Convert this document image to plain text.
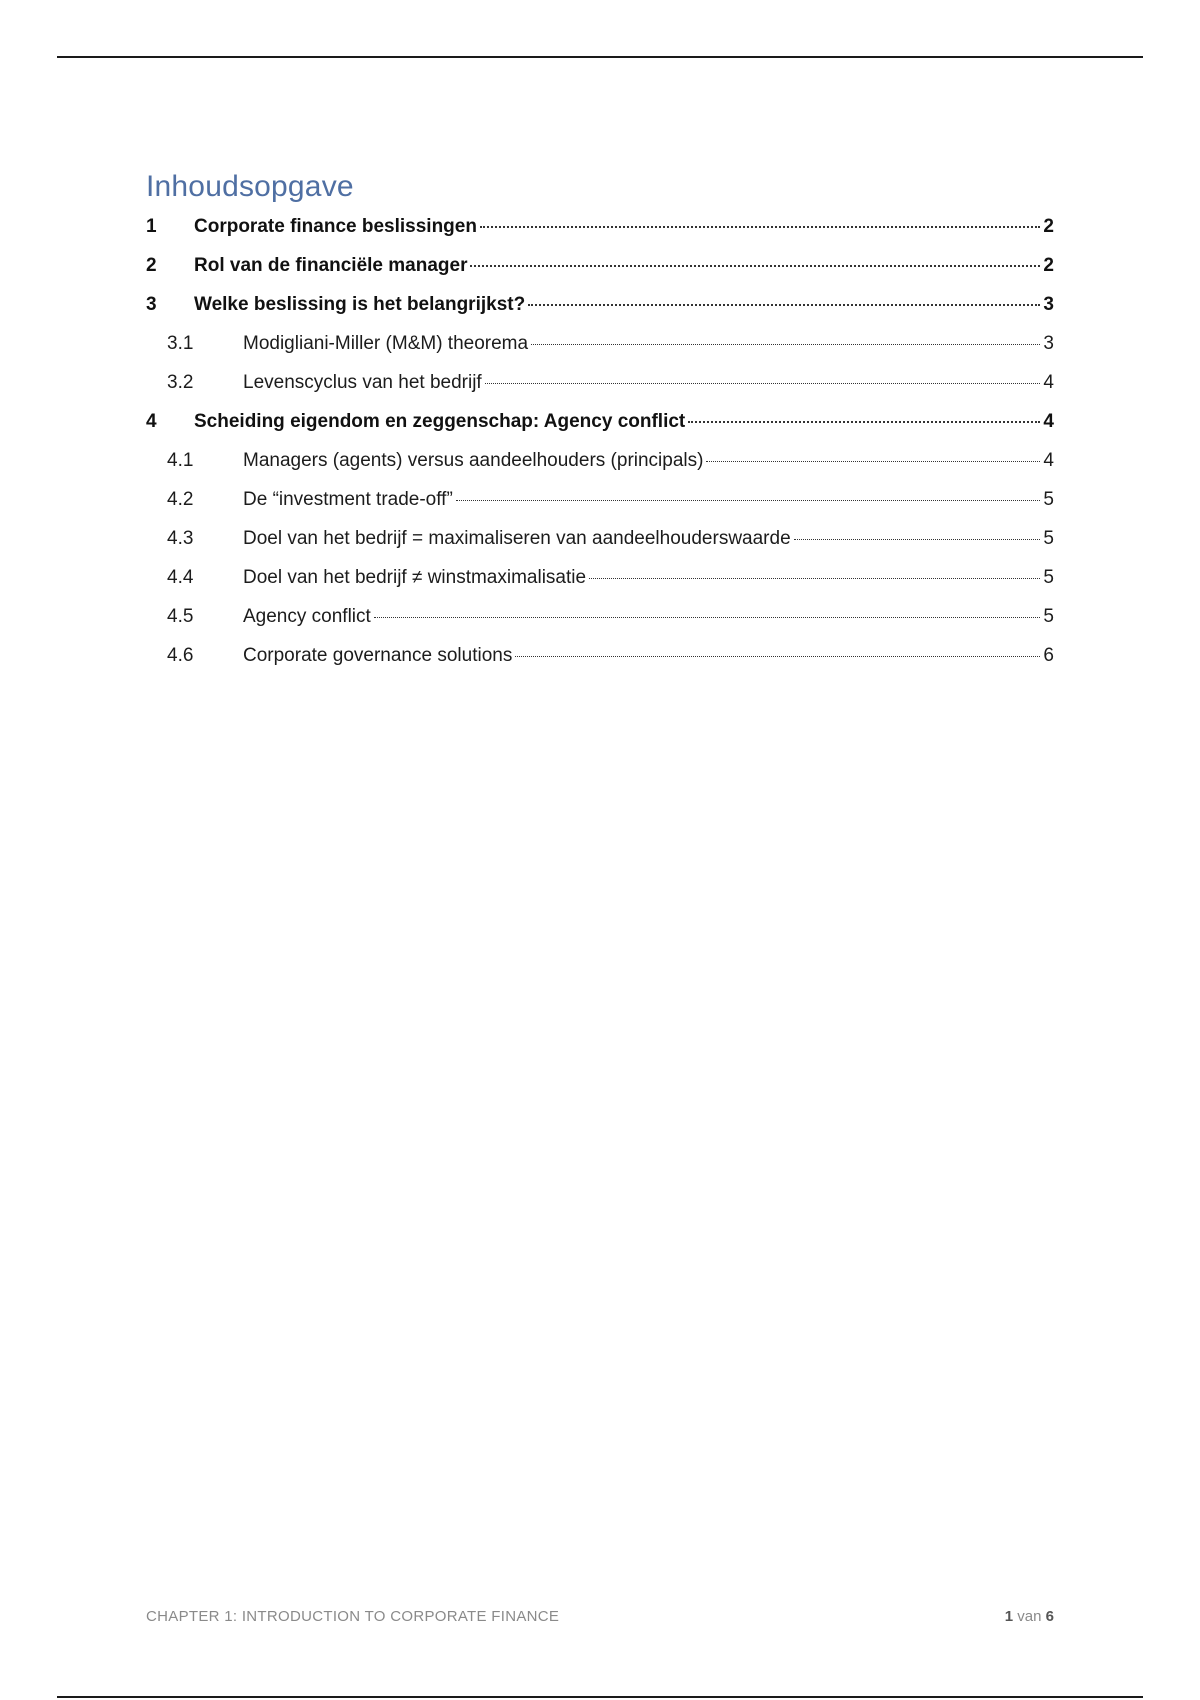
Inhoudsopgave
1	Corporate finance beslissingen	2
2	Rol van de financiële manager	2
3	Welke beslissing is het belangrijkst?	3
3.1	Modigliani-Miller (M&M) theorema	3
3.2	Levenscyclus van het bedrijf	4
4	Scheiding eigendom en zeggenschap: Agency conflict	4
4.1	Managers (agents) versus aandeelhouders (principals)	4
4.2	De “investment trade-off”	5
4.3	Doel van het bedrijf = maximaliseren van aandeelhouderswaarde	5
4.4	Doel van het bedrijf ≠ winstmaximalisatie	5
4.5	Agency conflict	5
4.6	Corporate governance solutions	6
CHAPTER 1: INTRODUCTION TO CORPORATE FINANCE	1 van 6
